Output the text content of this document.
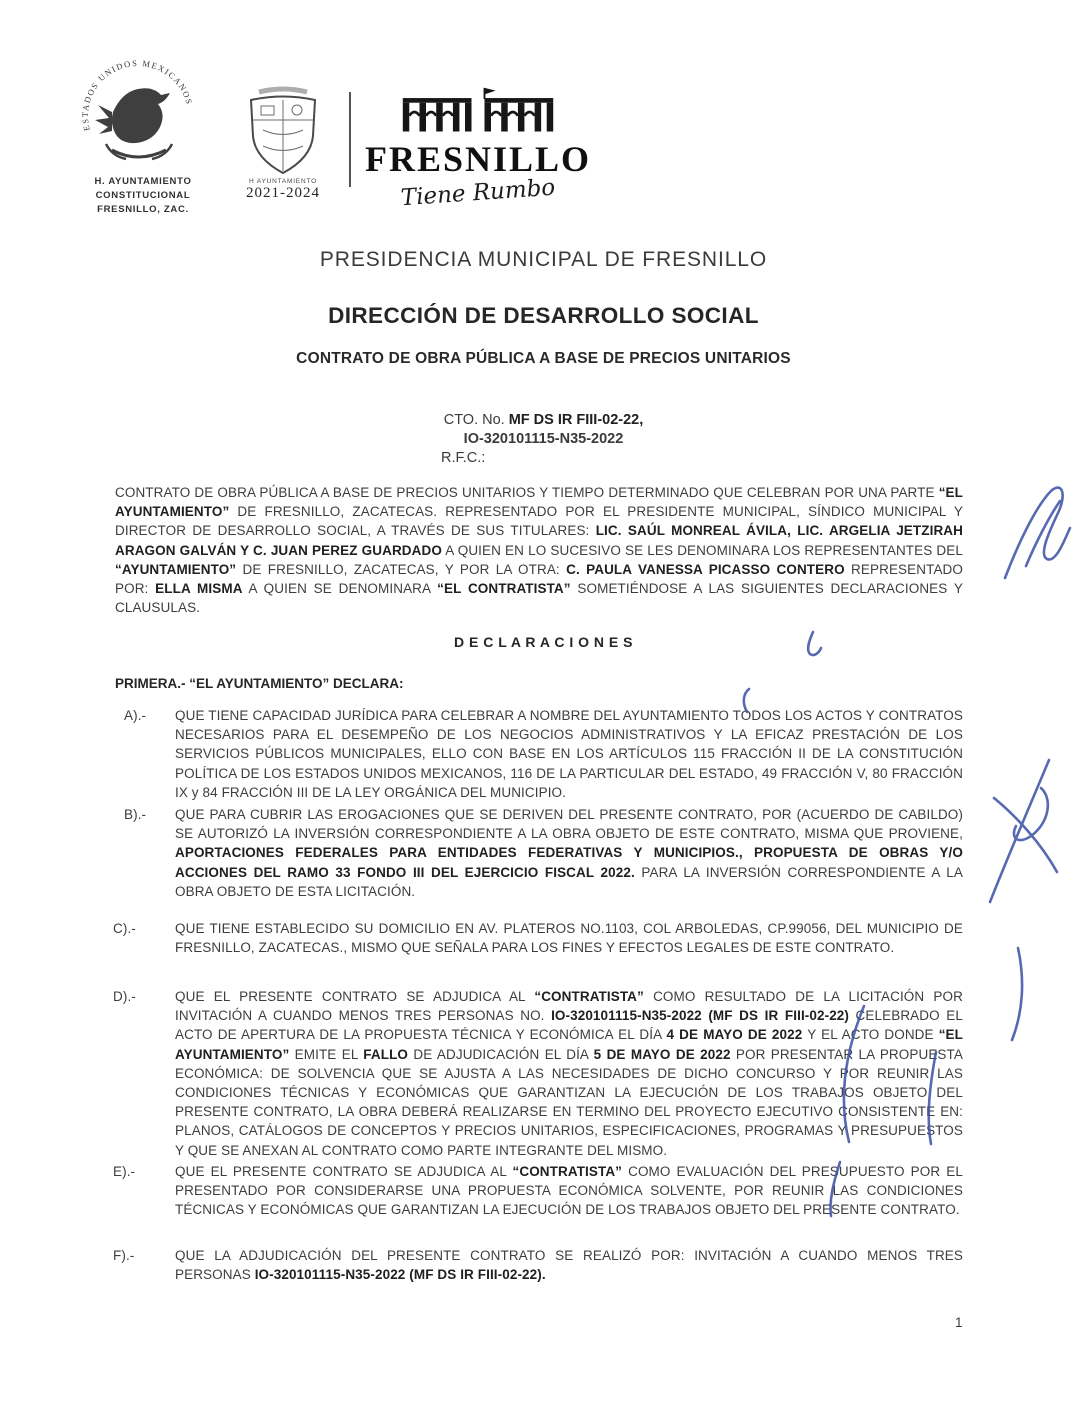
ESTADOS UNIDOS MEXICANOS
H. AYUNTAMIENTO
CONSTITUCIONAL
FRESNILLO, ZAC.
H AYUNTAMIENTO
2021-2024
FRESNILLO
Tiene Rumbo
PRESIDENCIA MUNICIPAL DE FRESNILLO
DIRECCIÓN DE DESARROLLO SOCIAL
CONTRATO DE OBRA PÚBLICA A BASE DE PRECIOS UNITARIOS
CTO. No. MF DS IR FIII-02-22,
IO-320101115-N35-2022
R.F.C.:

CONTRATO DE OBRA PÚBLICA A BASE DE PRECIOS UNITARIOS Y TIEMPO DETERMINADO QUE CELEBRAN POR UNA PARTE “EL AYUNTAMIENTO” DE FRESNILLO, ZACATECAS. REPRESENTADO POR EL PRESIDENTE MUNICIPAL, SÍNDICO MUNICIPAL Y DIRECTOR DE DESARROLLO SOCIAL, A TRAVÉS DE SUS TITULARES: LIC. SAÚL MONREAL ÁVILA, LIC. ARGELIA JETZIRAH ARAGON GALVÁN Y C. JUAN PEREZ GUARDADO A QUIEN EN LO SUCESIVO SE LES DENOMINARA LOS REPRESENTANTES DEL “AYUNTAMIENTO” DE FRESNILLO, ZACATECAS, Y POR LA OTRA: C. PAULA VANESSA PICASSO CONTERO REPRESENTADO POR: ELLA MISMA A QUIEN SE DENOMINARA “EL CONTRATISTA” SOMETIÉNDOSE A LAS SIGUIENTES DECLARACIONES Y CLAUSULAS.

D E C L A R A C I O N E S
PRIMERA.- “EL AYUNTAMIENTO” DECLARA:
A).-	QUE TIENE CAPACIDAD JURÍDICA PARA CELEBRAR A NOMBRE DEL AYUNTAMIENTO TODOS LOS ACTOS Y CONTRATOS NECESARIOS PARA EL DESEMPEÑO DE LOS NEGOCIOS ADMINISTRATIVOS Y LA EFICAZ PRESTACIÓN DE LOS SERVICIOS PÚBLICOS MUNICIPALES, ELLO CON BASE EN LOS ARTÍCULOS 115 FRACCIÓN II DE LA CONSTITUCIÓN POLÍTICA DE LOS ESTADOS UNIDOS MEXICANOS, 116 DE LA PARTICULAR DEL ESTADO, 49 FRACCIÓN V, 80 FRACCIÓN IX y 84 FRACCIÓN III DE LA LEY ORGÁNICA DEL MUNICIPIO.

B).-	QUE PARA CUBRIR LAS EROGACIONES QUE SE DERIVEN DEL PRESENTE CONTRATO, POR (ACUERDO DE CABILDO) SE AUTORIZÓ LA INVERSIÓN CORRESPONDIENTE A LA OBRA OBJETO DE ESTE CONTRATO, MISMA QUE PROVIENE, APORTACIONES FEDERALES PARA ENTIDADES FEDERATIVAS Y MUNICIPIOS., PROPUESTA DE OBRAS Y/O ACCIONES DEL RAMO 33 FONDO III DEL EJERCICIO FISCAL 2022. PARA LA INVERSIÓN CORRESPONDIENTE A LA OBRA OBJETO DE ESTA LICITACIÓN.

C).-	QUE TIENE ESTABLECIDO SU DOMICILIO EN AV. PLATEROS NO.1103, COL ARBOLEDAS, CP.99056, DEL MUNICIPIO DE FRESNILLO, ZACATECAS., MISMO QUE SEÑALA PARA LOS FINES Y EFECTOS LEGALES DE ESTE CONTRATO.

D).-	QUE EL PRESENTE CONTRATO SE ADJUDICA AL “CONTRATISTA” COMO RESULTADO DE LA LICITACIÓN POR INVITACIÓN A CUANDO MENOS TRES PERSONAS NO. IO-320101115-N35-2022 (MF DS IR FIII-02-22) CELEBRADO EL ACTO DE APERTURA DE LA PROPUESTA TÉCNICA Y ECONÓMICA EL DÍA 4 DE MAYO DE 2022 Y EL ACTO DONDE “EL AYUNTAMIENTO” EMITE EL FALLO DE ADJUDICACIÓN EL DÍA 5 DE MAYO DE 2022 POR PRESENTAR LA PROPUESTA ECONÓMICA: DE SOLVENCIA QUE SE AJUSTA A LAS NECESIDADES DE DICHO CONCURSO Y POR REUNIR LAS CONDICIONES TÉCNICAS Y ECONÓMICAS QUE GARANTIZAN LA EJECUCIÓN DE LOS TRABAJOS OBJETO DEL PRESENTE CONTRATO, LA OBRA DEBERÁ REALIZARSE EN TERMINO DEL PROYECTO EJECUTIVO CONSISTENTE EN: PLANOS, CATÁLOGOS DE CONCEPTOS Y PRECIOS UNITARIOS, ESPECIFICACIONES, PROGRAMAS Y PRESUPUESTOS Y QUE SE ANEXAN AL CONTRATO COMO PARTE INTEGRANTE DEL MISMO.

E).-	QUE EL PRESENTE CONTRATO SE ADJUDICA AL “CONTRATISTA” COMO EVALUACIÓN DEL PRESUPUESTO POR EL PRESENTADO POR CONSIDERARSE UNA PROPUESTA ECONÓMICA SOLVENTE, POR REUNIR LAS CONDICIONES TÉCNICAS Y ECONÓMICAS QUE GARANTIZAN LA EJECUCIÓN DE LOS TRABAJOS OBJETO DEL PRESENTE CONTRATO.

F).-	QUE LA ADJUDICACIÓN DEL PRESENTE CONTRATO SE REALIZÓ POR: INVITACIÓN A CUANDO MENOS TRES PERSONAS IO-320101115-N35-2022 (MF DS IR FIII-02-22).

1
